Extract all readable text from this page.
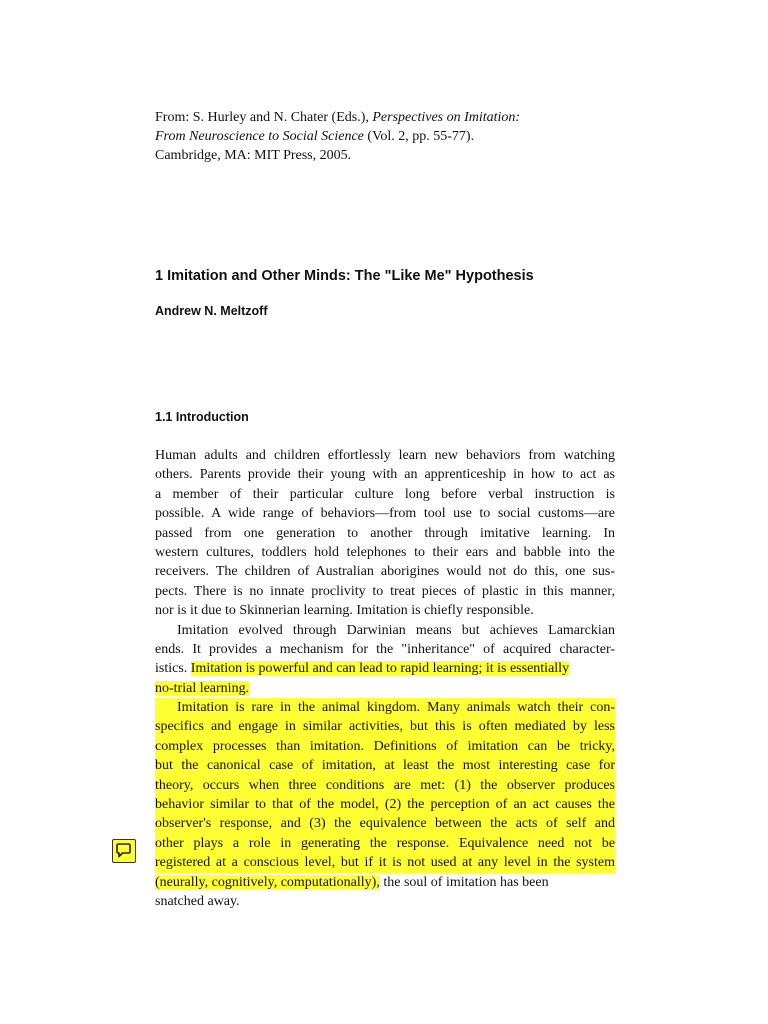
From: S. Hurley and N. Chater (Eds.), Perspectives on Imitation:
From Neuroscience to Social Science (Vol. 2, pp. 55-77).
Cambridge, MA: MIT Press, 2005.
1 Imitation and Other Minds: The "Like Me" Hypothesis
Andrew N. Meltzoff
1.1 Introduction
Human adults and children effortlessly learn new behaviors from watching
others. Parents provide their young with an apprenticeship in how to act as
a member of their particular culture long before verbal instruction is
possible. A wide range of behaviors—from tool use to social customs—are
passed from one generation to another through imitative learning. In
western cultures, toddlers hold telephones to their ears and babble into the
receivers. The children of Australian aborigines would not do this, one sus-
pects. There is no innate proclivity to treat pieces of plastic in this manner,
nor is it due to Skinnerian learning. Imitation is chiefly responsible.
Imitation evolved through Darwinian means but achieves Lamarckian
ends. It provides a mechanism for the "inheritance" of acquired character-
istics. Imitation is powerful and can lead to rapid learning; it is essentially
no-trial learning.
Imitation is rare in the animal kingdom. Many animals watch their con-
specifics and engage in similar activities, but this is often mediated by less
complex processes than imitation. Definitions of imitation can be tricky,
but the canonical case of imitation, at least the most interesting case for
theory, occurs when three conditions are met: (1) the observer produces
behavior similar to that of the model, (2) the perception of an act causes the
observer's response, and (3) the equivalence between the acts of self and
other plays a role in generating the response. Equivalence need not be
registered at a conscious level, but if it is not used at any level in the system
(neurally, cognitively, computationally), the soul of imitation has been
snatched away.
